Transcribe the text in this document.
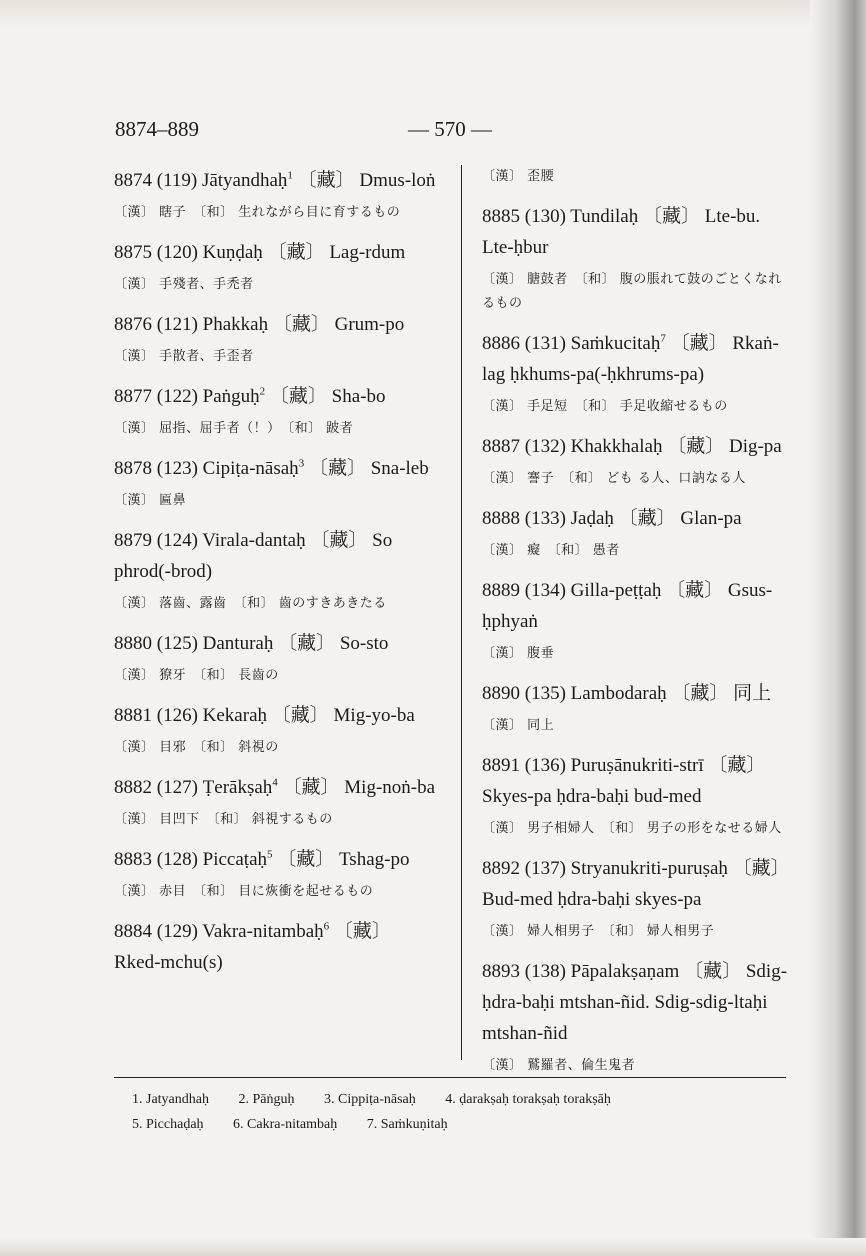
8874–889	— 570 —
8874 (119) Jātyandhaḥ$^1$ 〔藏〕 Dmus-loṅ
〔漢〕 瞎子　〔和〕 生れながら目に育するもの
8875 (120) Kuṇḍaḥ 〔藏〕 Lag-rdum
〔漢〕 手殘者、手禿者
8876 (121) Phakkaḥ 〔藏〕 Grum-po
〔漢〕 手散者、手歪者
8877 (122) Paṅguḥ$^2$ 〔藏〕 Sha-bo
〔漢〕 屈指、屈手者（！）　〔和〕 跛者
8878 (123) Cipiṭa-nāsaḥ$^3$ 〔藏〕 Sna-leb
〔漢〕 匾鼻
8879 (124) Virala-dantaḥ 〔藏〕 So phrod(-brod)
〔漢〕 落齒、露齒　〔和〕 齒のすきあきたる
8880 (125) Danturaḥ 〔藏〕 So-sto
〔漢〕 獠牙　〔和〕 長齒の
8881 (126) Kekaraḥ 〔藏〕 Mig-yo-ba
〔漢〕 目邪　〔和〕 斜視の
8882 (127) Ṭerākṣaḥ$^4$ 〔藏〕 Mig-noṅ-ba
〔漢〕 目凹下　〔和〕 斜視するもの
8883 (128) Piccaṭaḥ$^5$ 〔藏〕 Tshag-po
〔漢〕 赤目　〔和〕 目に烣衝を起せるもの
8884 (129) Vakra-nitambaḥ$^6$ 〔藏〕 Rked-mchu(s)
〔漢〕 歪腰
8885 (130) Tundilaḥ 〔藏〕 Lte-bu. Lte-ḥbur
〔漢〕 膅鼓者　〔和〕 腹の脹れて鼓のごとくなれるもの
8886 (131) Saṁkucitaḥ$^7$ 〔藏〕 Rkaṅ-lag ḥkhums-pa(-ḥkhrums-pa)
〔漢〕 手足短　〔和〕 手足收縮せるもの
8887 (132) Khakkhalaḥ 〔藏〕 Dig-pa
〔漢〕 謇子　〔和〕 ども る人、口訥なる人
8888 (133) Jaḍaḥ 〔藏〕 Glan-pa
〔漢〕 癡　〔和〕 愚者
8889 (134) Gilla-peṭṭaḥ 〔藏〕 Gsus-ḥphyaṅ
〔漢〕 腹垂
8890 (135) Lambodaraḥ 〔藏〕 同上
〔漢〕 同上
8891 (136) Puruṣānukriti-strī 〔藏〕 Skyes-pa ḥdra-baḥi bud-med
〔漢〕 男子相婦人　〔和〕 男子の形をなせる婦人
8892 (137) Stryanukriti-puruṣaḥ 〔藏〕 Bud-med ḥdra-baḥi skyes-pa
〔漢〕 婦人相男子　〔和〕 婦人相男子
8893 (138) Pāpalakṣaṇam 〔藏〕 Sdig-ḥdra-baḥi mtshan-ñid. Sdig-sdig-ltaḥi mtshan-ñid
〔漢〕 鷲羅者、倫生鬼者
1. Jatyandhaḥ 2. Pāṅguḥ 3. Cippiṭa-nāsaḥ 4. ḍarakṣaḥ torakṣaḥ torakṣāḥ
5. Picchaḍaḥ 6. Cakra-nitambaḥ 7. Saṁkuṇitaḥ
